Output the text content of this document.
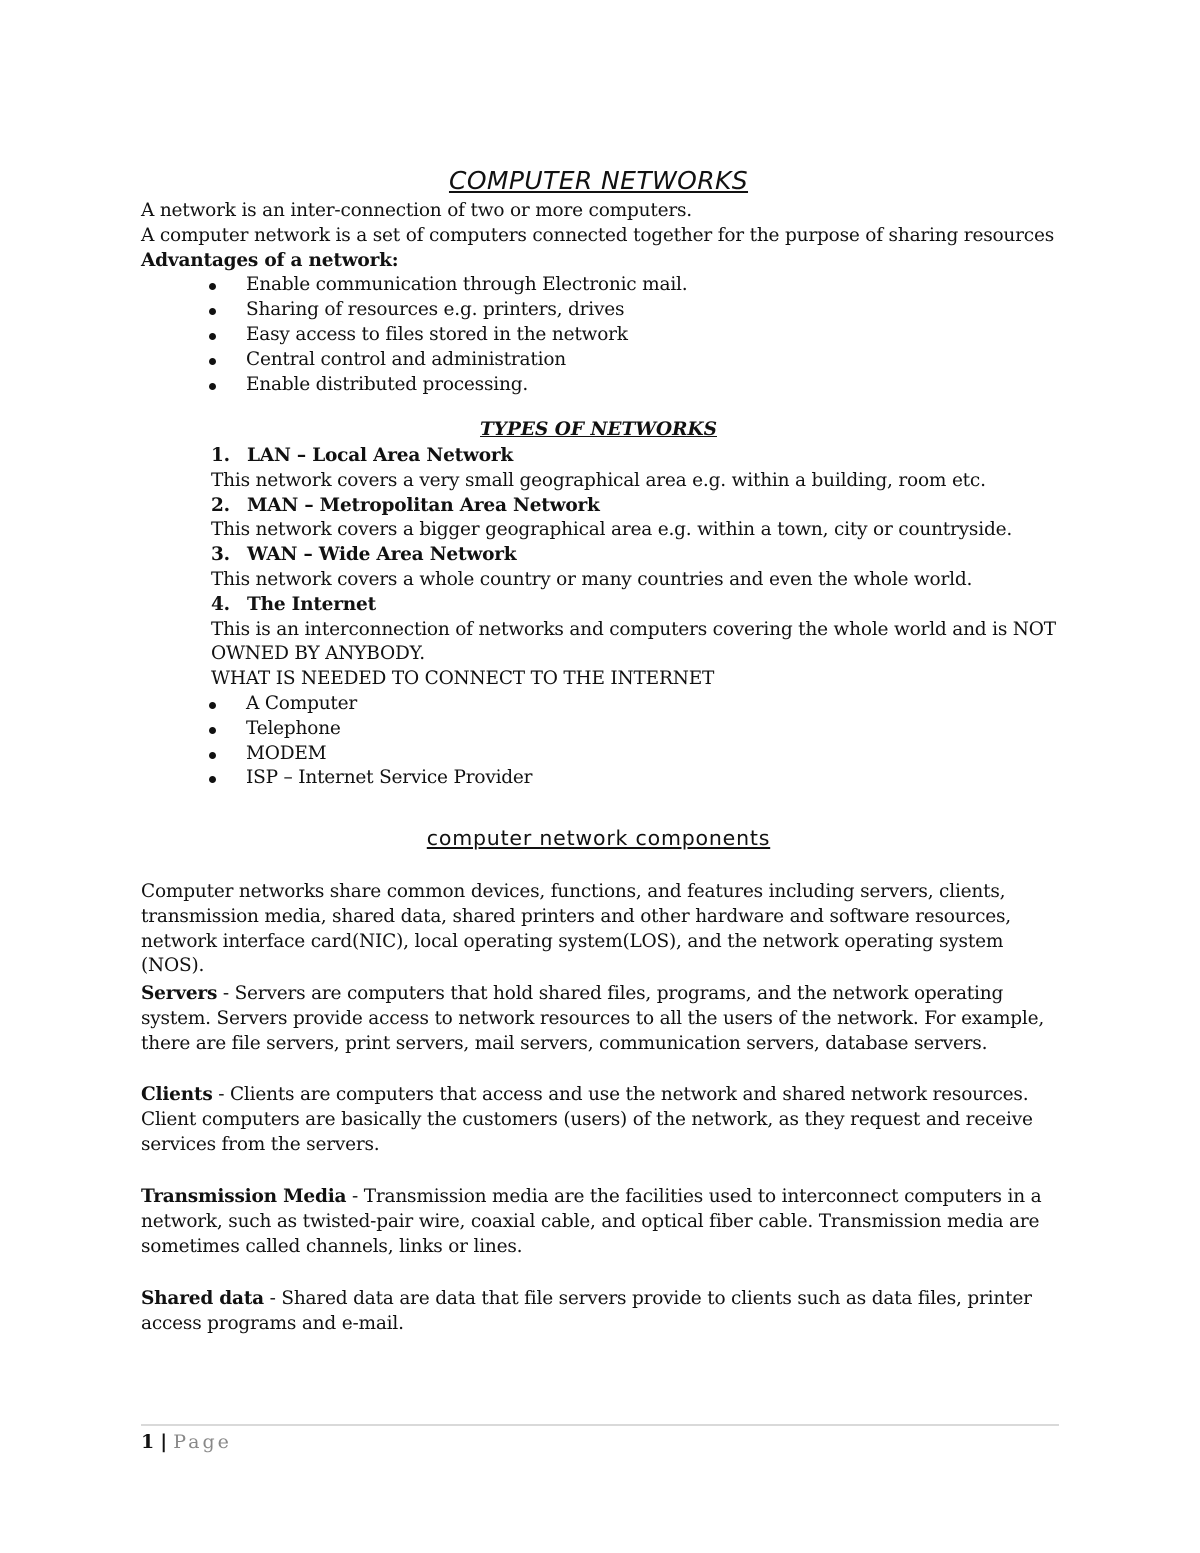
COMPUTER NETWORKS
A network is an inter-connection of two or more computers.
A computer network is a set of computers connected together for the purpose of sharing resources
Advantages of a network:
Enable communication through Electronic mail.
Sharing of resources e.g. printers, drives
Easy access to files stored in the network
Central control and administration
Enable distributed processing.
TYPES OF NETWORKS
1. LAN – Local Area Network
This network covers a very small geographical area e.g. within a building, room etc.
2. MAN – Metropolitan Area Network
This network covers a bigger geographical area e.g. within a town, city or countryside.
3. WAN – Wide Area Network
This network covers a whole country or many countries and even the whole world.
4. The Internet
This is an interconnection of networks and computers covering the whole world and is NOT
OWNED BY ANYBODY.
WHAT IS NEEDED TO CONNECT TO THE INTERNET
A Computer
Telephone
MODEM
ISP – Internet Service Provider
computer network components
Computer networks share common devices, functions, and features including servers, clients, transmission media, shared data, shared printers and other hardware and software resources, network interface card(NIC), local operating system(LOS), and the network operating system (NOS).
Servers - Servers are computers that hold shared files, programs, and the network operating system. Servers provide access to network resources to all the users of the network. For example, there are file servers, print servers, mail servers, communication servers, database servers.
Clients - Clients are computers that access and use the network and shared network resources. Client computers are basically the customers (users) of the network, as they request and receive services from the servers.
Transmission Media - Transmission media are the facilities used to interconnect computers in a network, such as twisted-pair wire, coaxial cable, and optical fiber cable. Transmission media are sometimes called channels, links or lines.
Shared data - Shared data are data that file servers provide to clients such as data files, printer access programs and e-mail.
1 | Page
